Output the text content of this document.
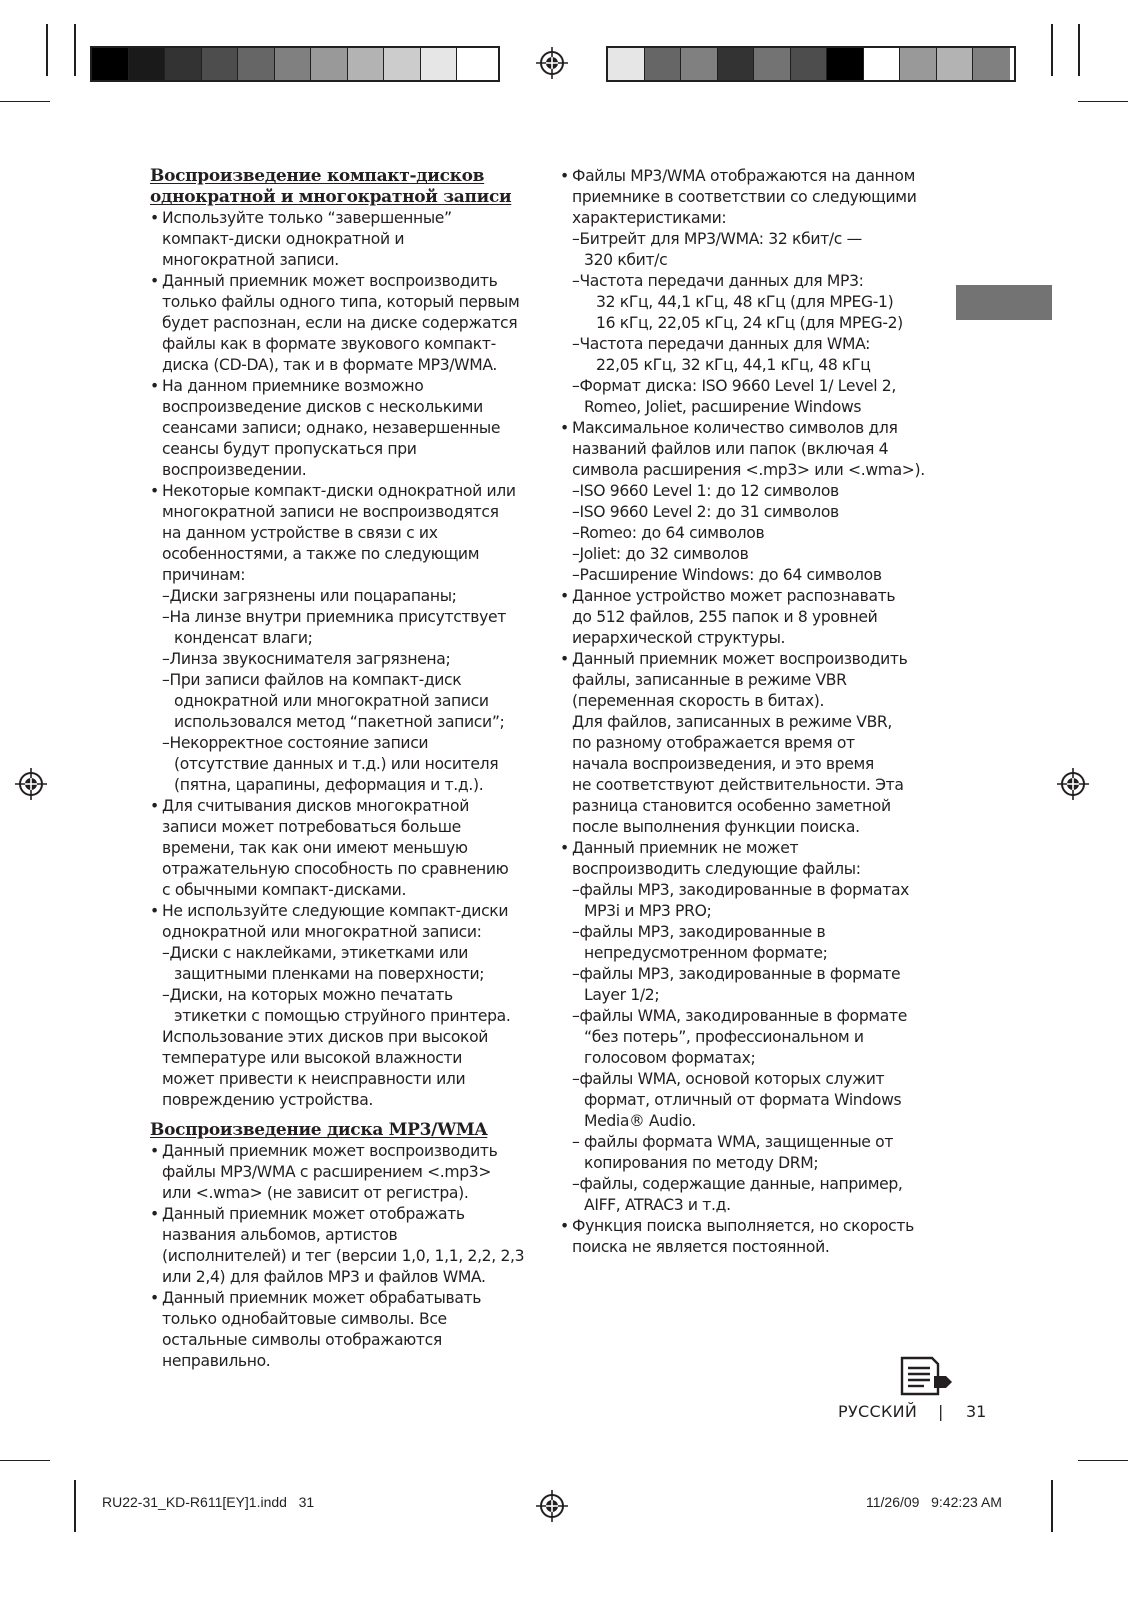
Воспроизведение компакт-дисков
однократной и многократной записи
• Используйте только “завершенные”
компакт-диски однократной и
многократной записи.
• Данный приемник может воспроизводить
только файлы одного типа, который первым
будет распознан, если на диске содержатся
файлы как в формате звукового компакт-
диска (CD-DA), так и в формате MP3/WMA.
• На данном приемнике возможно
воспроизведение дисков с несколькими
сеансами записи; однако, незавершенные
сеансы будут пропускаться при
воспроизведении.
• Некоторые компакт-диски однократной или
многократной записи не воспроизводятся
на данном устройстве в связи с их
особенностями, а также по следующим
причинам:
–Диски загрязнены или поцарапаны;
–На линзе внутри приемника присутствует
конденсат влаги;
–Линза звукоснимателя загрязнена;
–При записи файлов на компакт-диск
однократной или многократной записи
использовался метод “пакетной записи”;
–Некорректное состояние записи
(отсутствие данных и т.д.) или носителя
(пятна, царапины, деформация и т.д.).
• Для считывания дисков многократной
записи может потребоваться больше
времени, так как они имеют меньшую
отражательную способность по сравнению
с обычными компакт-дисками.
• Не используйте следующие компакт-диски
однократной или многократной записи:
–Диски с наклейками, этикетками или
защитными пленками на поверхности;
–Диски, на которых можно печатать
этикетки с помощью струйного принтера.
Использование этих дисков при высокой
температуре или высокой влажности
может привести к неисправности или
повреждению устройства.
Воспроизведение диска MP3/WMA
• Данный приемник может воспроизводить
файлы MP3/WMA с расширением <.mp3>
или <.wma> (не зависит от регистра).
• Данный приемник может отображать
названия альбомов, артистов
(исполнителей) и тег (версии 1,0, 1,1, 2,2, 2,3
или 2,4) для файлов MP3 и файлов WMA.
• Данный приемник может обрабатывать
только однобайтовые символы. Все
остальные символы отображаются
неправильно.
• Файлы MP3/WMA отображаются на данном
приемнике в соответствии со следующими
характеристиками:
–Битрейт для MP3/WMA: 32 кбит/с —
320 кбит/с
–Частота передачи данных для MP3:
32 кГц, 44,1 кГц, 48 кГц (для MPEG-1)
16 кГц, 22,05 кГц, 24 кГц (для MPEG-2)
–Частота передачи данных для WMA:
22,05 кГц, 32 кГц, 44,1 кГц, 48 кГц
–Формат диска: ISO 9660 Level 1/ Level 2,
Romeo, Joliet, расширение Windows
• Максимальное количество символов для
названий файлов или папок (включая 4
символа расширения <.mp3> или <.wma>).
–ISO 9660 Level 1: до 12 символов
–ISO 9660 Level 2: до 31 символов
–Romeo: до 64 символов
–Joliet: до 32 символов
–Расширение Windows: до 64 символов
• Данное устройство может распознавать
до 512 файлов, 255 папок и 8 уровней
иерархической структуры.
• Данный приемник может воспроизводить
файлы, записанные в режиме VBR
(переменная скорость в битах).
Для файлов, записанных в режиме VBR,
по разному отображается время от
начала воспроизведения, и это время
не соответствуют действительности. Эта
разница становится особенно заметной
после выполнения функции поиска.
• Данный приемник не может
воспроизводить следующие файлы:
–файлы MP3, закодированные в форматах
MP3i и MP3 PRO;
–файлы MP3, закодированные в
непредусмотренном формате;
–файлы MP3, закодированные в формате
Layer 1/2;
–файлы WMA, закодированные в формате
“без потерь”, профессиональном и
голосовом форматах;
–файлы WMA, основой которых служит
формат, отличный от формата Windows
Media® Audio.
– файлы формата WMA, защищенные от
копирования по методу DRM;
–файлы, содержащие данные, например,
AIFF, ATRAC3 и т.д.
• Функция поиска выполняется, но скорость
поиска не является постоянной.
РУССКИЙ | 31
RU22-31_KD-R611[EY]1.indd   31	11/26/09   9:42:23 AM
